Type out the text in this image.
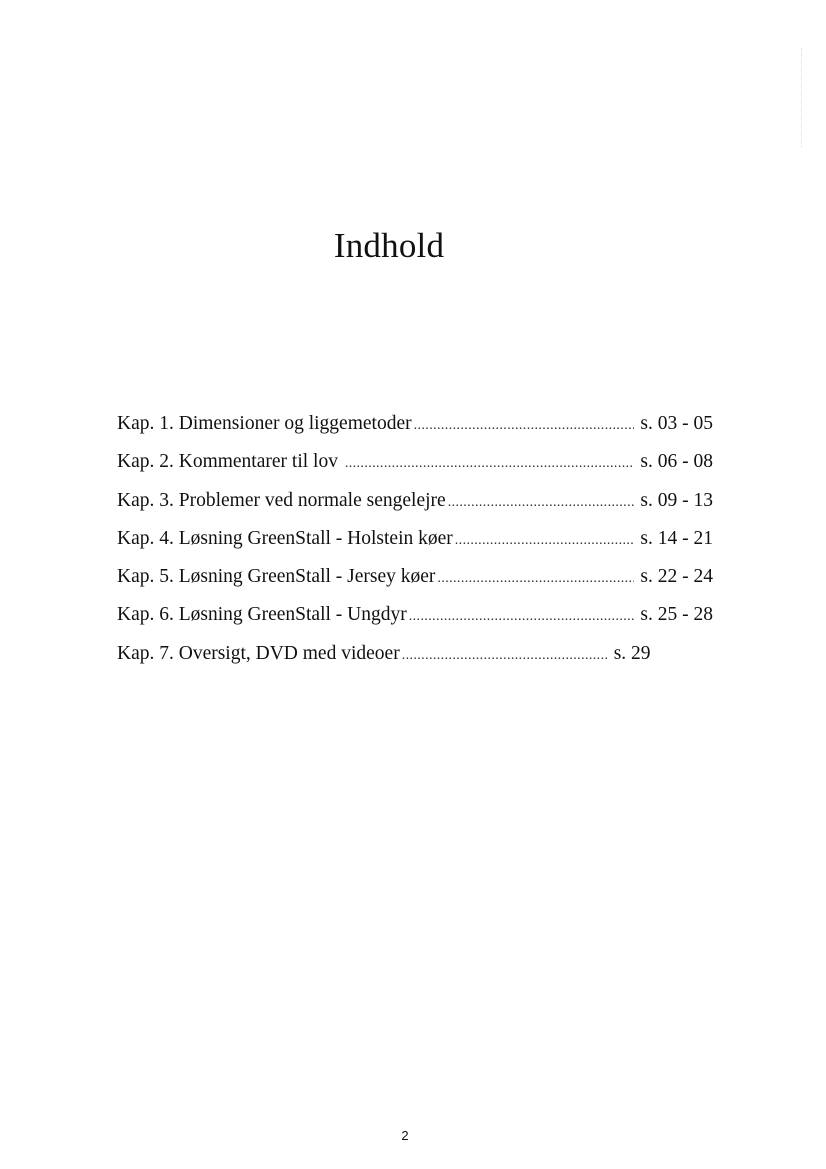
Indhold
Kap. 1. Dimensioner og liggemetoder .....	s. 03 - 05
Kap. 2. Kommentarer til lov .....	s. 06 - 08
Kap. 3. Problemer ved normale sengelejre .....	s. 09 - 13
Kap. 4. Løsning GreenStall - Holstein køer .....	s. 14 - 21
Kap. 5. Løsning GreenStall - Jersey køer .....	s. 22 - 24
Kap. 6. Løsning GreenStall - Ungdyr .....	s. 25 - 28
Kap. 7. Oversigt, DVD med videoer .....	s. 29
2
